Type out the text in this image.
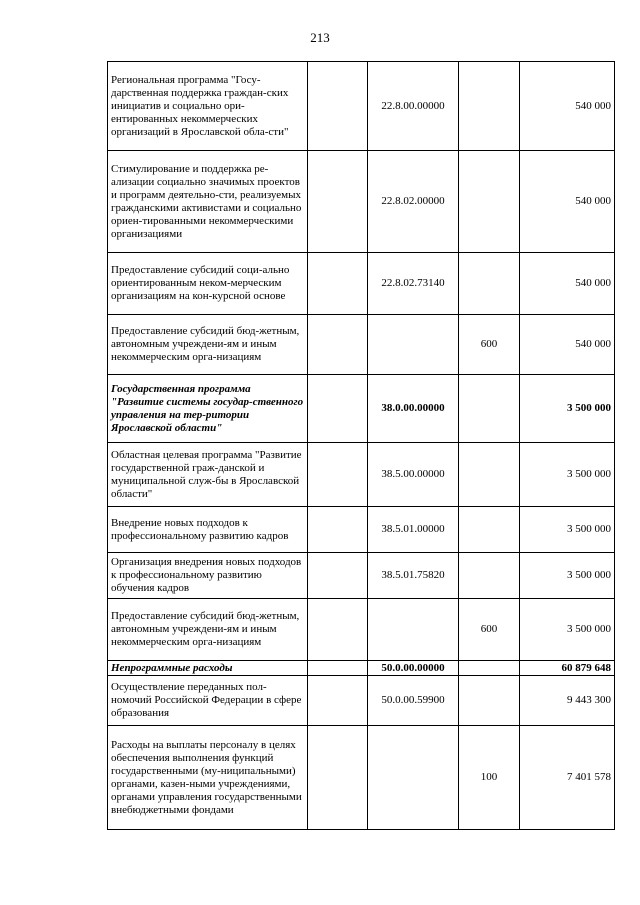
213
Региональная программа "Госу-дарственная поддержка граждан-ских инициатив и социально ори-ентированных некоммерческих организаций в Ярославской обла-сти"		22.8.00.00000		540 000
Стимулирование и поддержка ре-ализации социально значимых проектов и программ деятельно-сти, реализуемых гражданскими активистами и социально ориен-тированными некоммерческими организациями		22.8.02.00000		540 000
Предоставление субсидий соци-ально ориентированным неком-мерческим организациям на кон-курсной основе		22.8.02.73140		540 000
Предоставление субсидий бюд-жетным, автономным учреждени-ям и иным некоммерческим орга-низациям			600	540 000
Государственная программа "Развитие системы государ-ственного управления на тер-ритории Ярославской области"		38.0.00.00000		3 500 000
Областная целевая программа "Развитие государственной граж-данской и муниципальной служ-бы в Ярославской области"		38.5.00.00000		3 500 000
Внедрение новых подходов к профессиональному развитию кадров		38.5.01.00000		3 500 000
Организация внедрения новых подходов к профессиональному развитию обучения кадров		38.5.01.75820		3 500 000
Предоставление субсидий бюд-жетным, автономным учреждени-ям и иным некоммерческим орга-низациям			600	3 500 000
Непрограммные расходы		50.0.00.00000		60 879 648
Осуществление переданных пол-номочий Российской Федерации в сфере образования		50.0.00.59900		9 443 300
Расходы на выплаты персоналу в целях обеспечения выполнения функций государственными (му-ниципальными) органами, казен-ными учреждениями, органами управления государственными внебюджетными фондами			100	7 401 578
